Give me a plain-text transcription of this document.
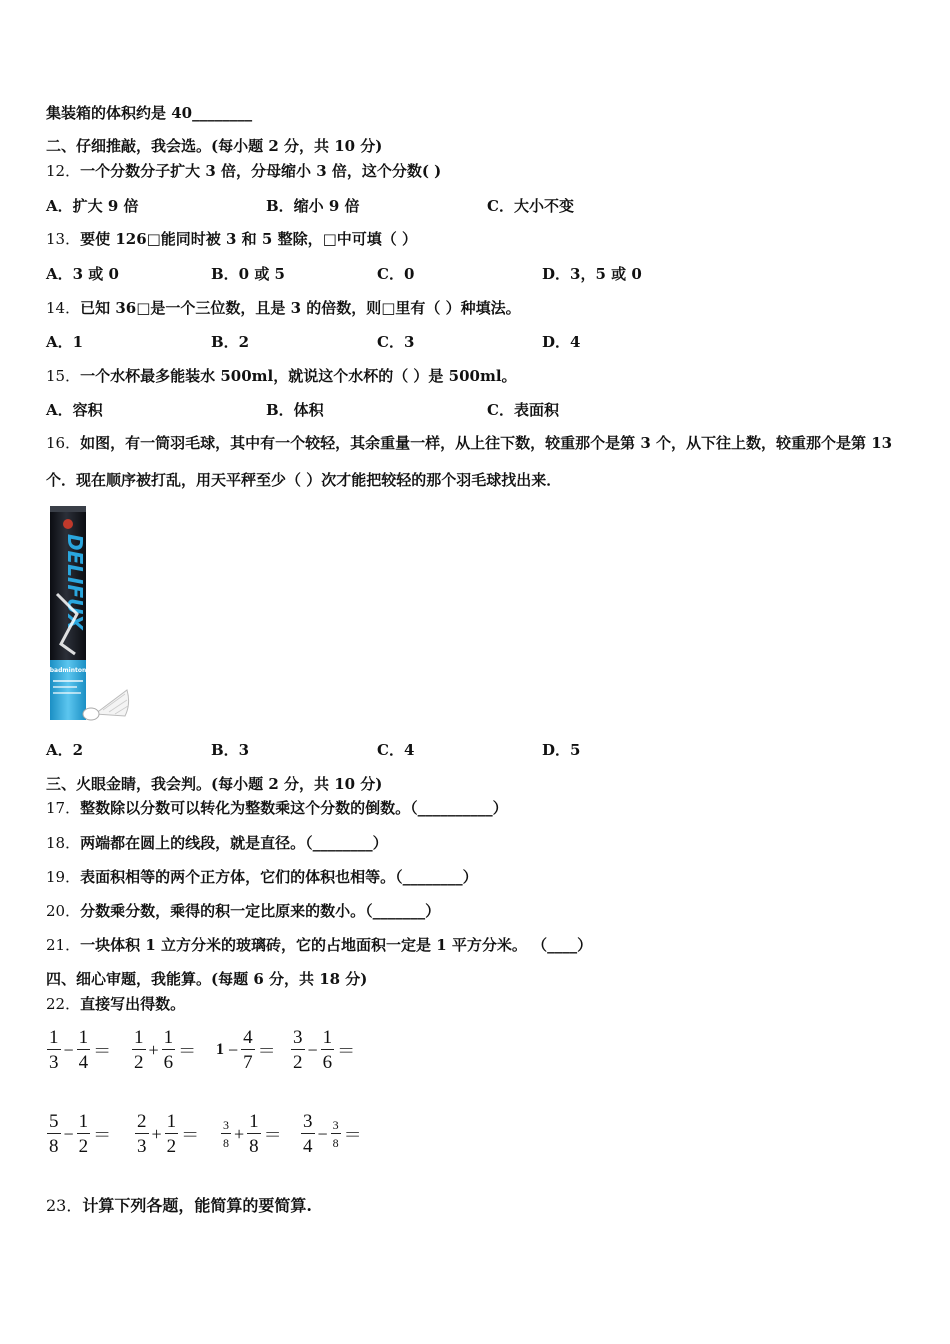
集装箱的体积约是 40________
二、仔细推敲，我会选。(每小题 2 分，共 10 分)
12．一个分数分子扩大 3 倍，分母缩小 3 倍，这个分数( )
A．扩大 9 倍	B．缩小 9 倍	C．大小不变
13．要使 126□能同时被 3 和 5 整除，□中可填（ ）
A．3 或 0	B．0 或 5	C．0	D．3，5 或 0
14．已知 36□是一个三位数，且是 3 的倍数，则□里有（ ）种填法。
A．1	B．2	C．3	D．4
15．一个水杯最多能装水 500ml，就说这个水杯的（ ）是 500ml。
A．容积	B．体积	C．表面积
16．如图，有一筒羽毛球，其中有一个较轻，其余重量一样，从上往下数，较重那个是第 3 个，从下往上数，较重那个是第 13 个．现在顺序被打乱，用天平秤至少（ ）次才能把较轻的那个羽毛球找出来．
DELIFUX
badminton
A．2	B．3	C．4	D．5
三、火眼金睛，我会判。(每小题 2 分，共 10 分)
17．整数除以分数可以转化为整数乘这个分数的倒数。（__________）
18．两端都在圆上的线段，就是直径。（________）
19．表面积相等的两个正方体，它们的体积也相等。（________）
20．分数乘分数，乘得的积一定比原来的数小。（_______）
21．一块体积 1 立方分米的玻璃砖，它的占地面积一定是 1 平方分米。 （____）
四、细心审题，我能算。(每题 6 分，共 18 分)
22．直接写出得数。
$\frac{1}{3} - \frac{1}{4} = \frac{1}{2} + \frac{1}{6} = 1 - \frac{4}{7} = \frac{3}{2} - \frac{1}{6}$ ＝
$\frac{5}{8} - \frac{1}{2} = \frac{2}{3} + \frac{1}{2} = \frac{3}{8} + \frac{1}{8} = \frac{3}{4} - \frac{3}{8}$ ＝
23．计算下列各题，能简算的要简算.
